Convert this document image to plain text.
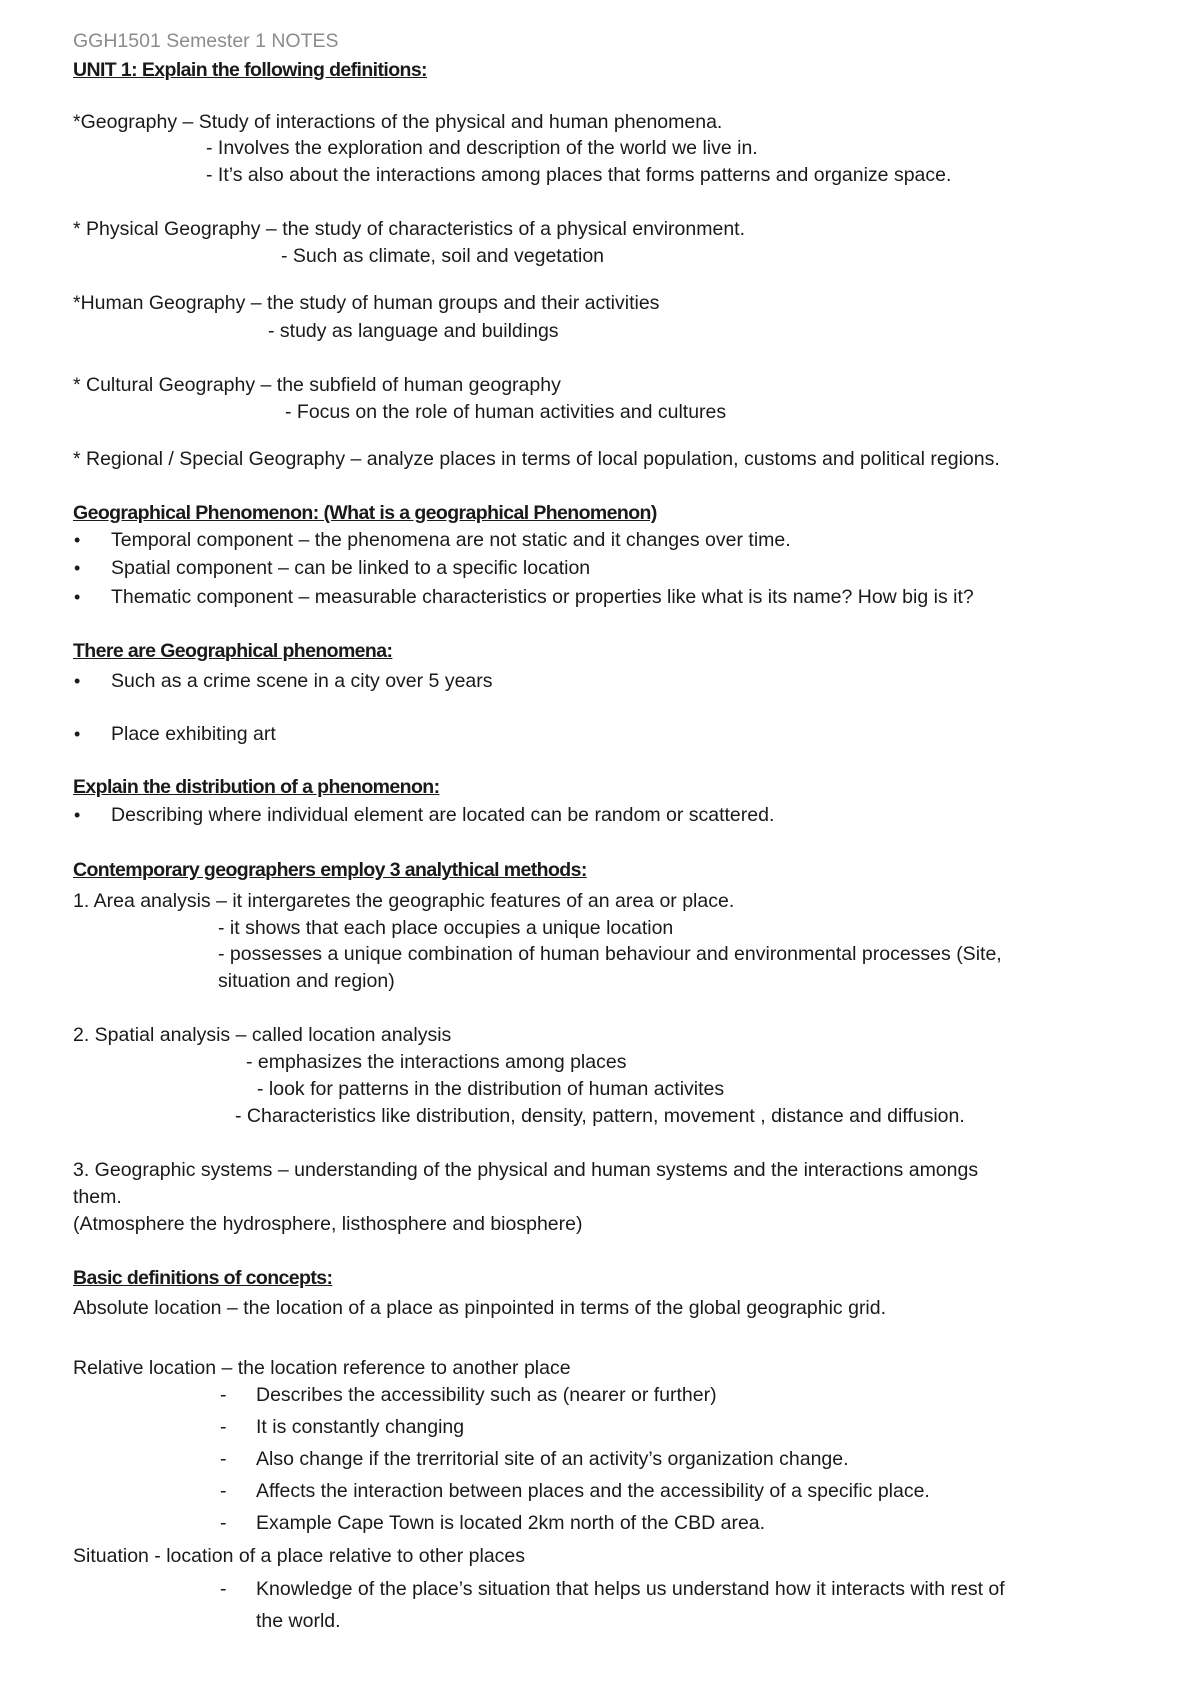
GGH1501 Semester 1 NOTES
UNIT 1: Explain the following definitions:
*Geography – Study of interactions of the physical and human phenomena.
- Involves the exploration and description of the world we live in.
- It’s also about the interactions among places that forms patterns and organize space.
* Physical Geography – the study of characteristics of a physical environment.
- Such as climate, soil and vegetation
*Human Geography – the study of human groups and their activities
- study as language and buildings
* Cultural Geography – the subfield of human geography
- Focus on the role of human activities and cultures
* Regional / Special Geography – analyze places in terms of local population, customs and political regions.
Geographical Phenomenon: (What is a geographical Phenomenon)
• Temporal component – the phenomena are not static and it changes over time.
• Spatial component – can be linked to a specific location
• Thematic component – measurable characteristics or properties like what is its name? How big is it?
There are Geographical phenomena:
• Such as a crime scene in a city over 5 years
• Place exhibiting art
Explain the distribution of a phenomenon:
• Describing where individual element are located can be random or scattered.
Contemporary geographers employ 3 analythical methods:
1. Area analysis – it intergaretes the geographic features of an area or place.
- it shows that each place occupies a unique location
- possesses a unique combination of human behaviour and environmental processes (Site,
situation and region)
2. Spatial analysis – called location analysis
- emphasizes the interactions among places
- look for patterns in the distribution of human activites
- Characteristics like distribution, density, pattern, movement , distance and diffusion.
3. Geographic systems – understanding of the physical and human systems and the interactions amongs
them.
(Atmosphere the hydrosphere, listhosphere and biosphere)
Basic definitions of concepts:
Absolute location – the location of a place as pinpointed in terms of the global geographic grid.
Relative location – the location reference to another place
- Describes the accessibility such as (nearer or further)
- It is constantly changing
- Also change if the trerritorial site of an activity’s organization change.
- Affects the interaction between places and the accessibility of a specific place.
- Example Cape Town is located 2km north of the CBD area.
Situation - location of a place relative to other places
- Knowledge of the place’s situation that helps us understand how it interacts with rest of
the world.
